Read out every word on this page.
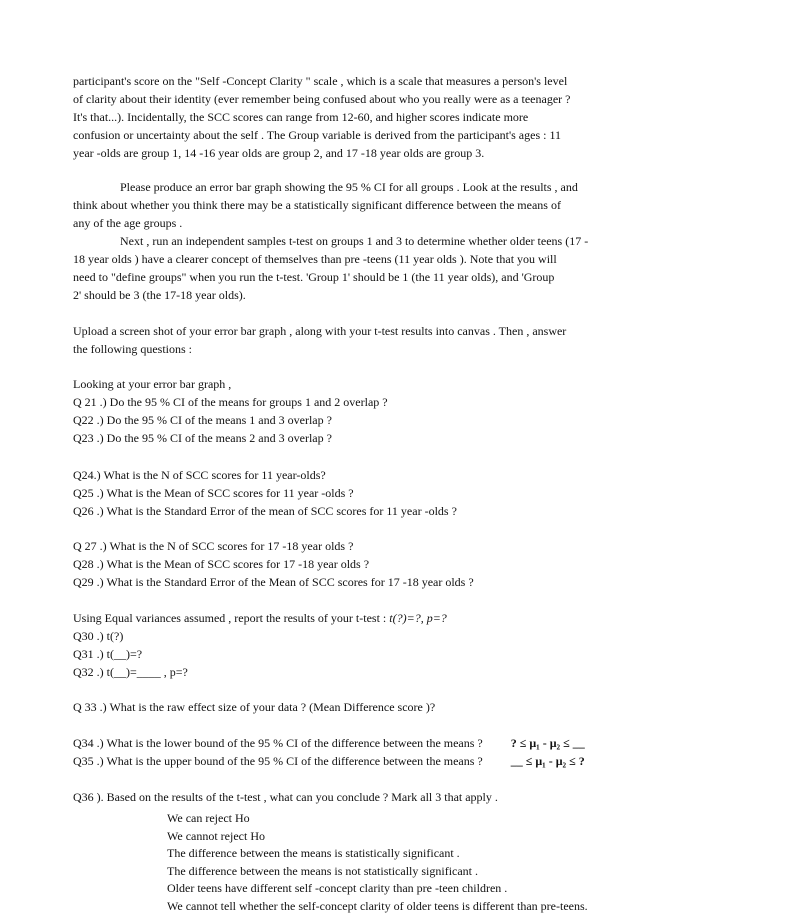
participant's score on the "Self -Concept Clarity " scale , which is a scale that measures a person's level
of clarity about their identity (ever remember being confused about who you really were as a teenager ?
It's that...). Incidentally, the SCC scores can range from 12-60, and higher scores indicate more
confusion or uncertainty about the self . The Group variable is derived from the participant's ages : 11
year -olds are group 1, 14 -16 year olds are group 2, and 17 -18 year olds are group 3.
Please produce an error bar graph showing the 95 % CI for all groups . Look at the results , and
think about whether you think there may be a statistically significant difference between the means of
any of the age groups .
Next , run an independent samples t-test on groups 1 and 3 to determine whether older teens (17 -
18 year olds ) have a clearer concept of themselves than pre -teens (11 year olds ). Note that you will
need to "define groups" when you run the t-test. 'Group 1' should be 1 (the 11 year olds), and 'Group
2' should be 3 (the 17-18 year olds).
Upload a screen shot of your error bar graph , along with your t-test results into canvas . Then , answer
the following questions :
Looking at your error bar graph ,
Q 21 .) Do the 95 % CI of the means for groups 1 and 2 overlap ?
Q22 .) Do the 95 % CI of the means 1 and 3 overlap ?
Q23 .) Do the 95 % CI of the means 2 and 3 overlap ?
Q24.) What is the N of SCC scores for 11 year-olds?
Q25 .) What is the Mean of SCC scores for 11 year -olds ?
Q26 .) What is the Standard Error of the mean of SCC scores for 11 year -olds ?
Q 27 .) What is the N of SCC scores for 17 -18 year olds ?
Q28 .) What is the Mean of SCC scores for 17 -18 year olds ?
Q29 .) What is the Standard Error of the Mean of SCC scores for 17 -18 year olds ?
Using Equal variances assumed , report the results of your t-test : t(?)=?, p=?
Q30 .) t(?)
Q31 .) t(__)=?
Q32 .) t(__)=____ , p=?
Q 33 .) What is the raw effect size of your data ? (Mean Difference score )?
Q34 .) What is the lower bound of the 95 % CI of the difference between the means ? ? ≤ μ₁ - μ₂ ≤ __
Q35 .) What is the upper bound of the 95 % CI of the difference between the means ? __ ≤ μ₁ - μ₂ ≤ ?
Q36 ). Based on the results of the t-test , what can you conclude ? Mark all 3 that apply .
We can reject Ho
We cannot reject Ho
The difference between the means is statistically significant .
The difference between the means is not statistically significant .
Older teens have different self -concept clarity than pre -teen children .
We cannot tell whether the self-concept clarity of older teens is different than pre-teens.
